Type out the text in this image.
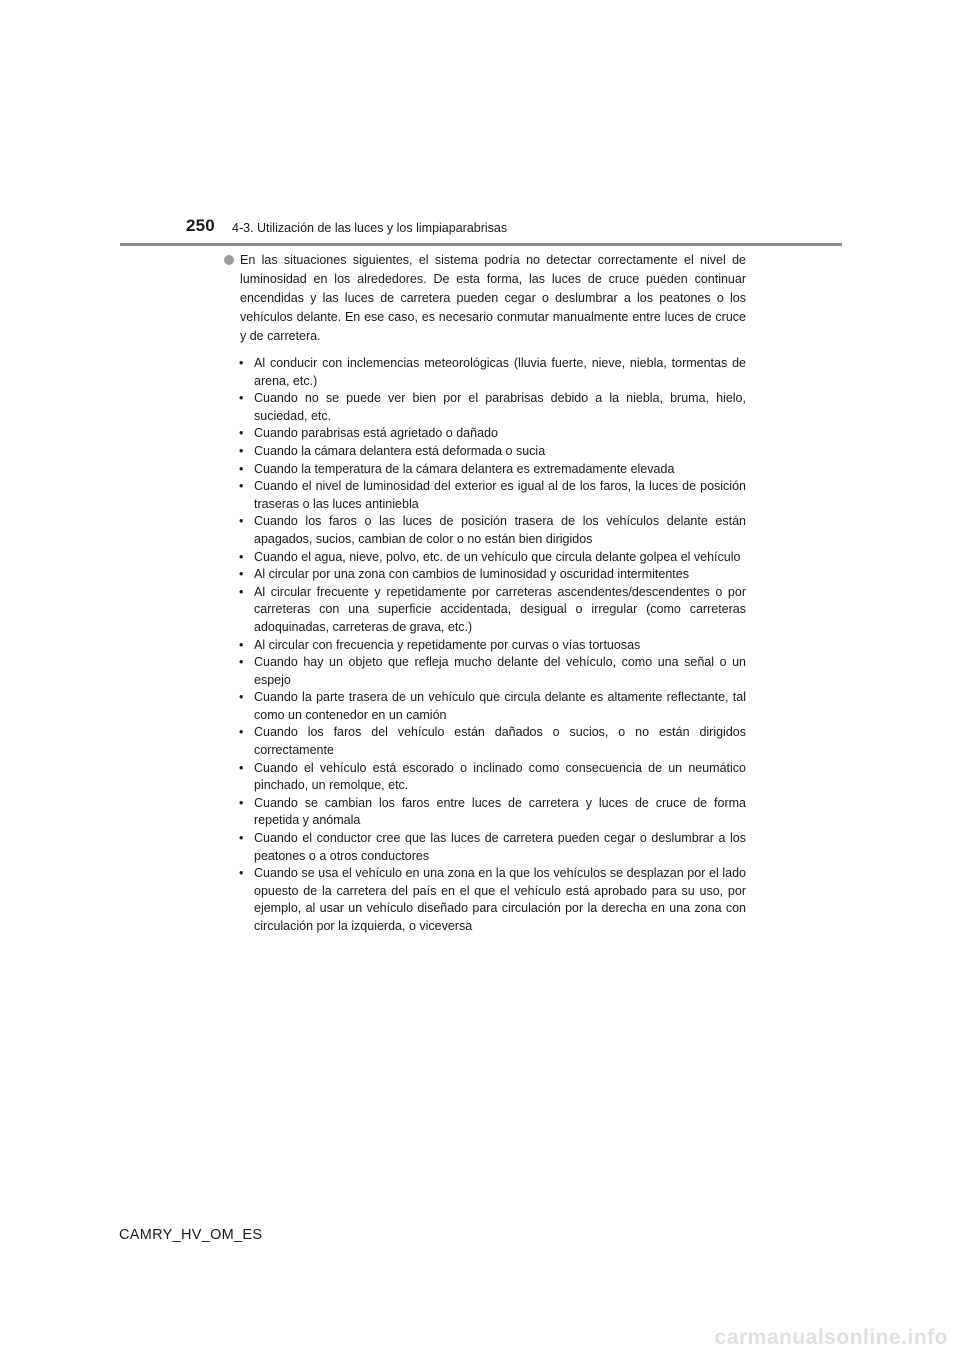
250 4-3. Utilización de las luces y los limpiaparabrisas
En las situaciones siguientes, el sistema podría no detectar correctamente el nivel de luminosidad en los alrededores. De esta forma, las luces de cruce pueden continuar encendidas y las luces de carretera pueden cegar o deslumbrar a los peatones o los vehículos delante. En ese caso, es necesario conmutar manualmente entre luces de cruce y de carretera.
• Al conducir con inclemencias meteorológicas (lluvia fuerte, nieve, niebla, tormentas de arena, etc.)
• Cuando no se puede ver bien por el parabrisas debido a la niebla, bruma, hielo, suciedad, etc.
• Cuando parabrisas está agrietado o dañado
• Cuando la cámara delantera está deformada o sucia
• Cuando la temperatura de la cámara delantera es extremadamente elevada
• Cuando el nivel de luminosidad del exterior es igual al de los faros, la luces de posición traseras o las luces antiniebla
• Cuando los faros o las luces de posición trasera de los vehículos delante están apagados, sucios, cambian de color o no están bien dirigidos
• Cuando el agua, nieve, polvo, etc. de un vehículo que circula delante golpea el vehículo
• Al circular por una zona con cambios de luminosidad y oscuridad intermitentes
• Al circular frecuente y repetidamente por carreteras ascendentes/descendentes o por carreteras con una superficie accidentada, desigual o irregular (como carreteras adoquinadas, carreteras de grava, etc.)
• Al circular con frecuencia y repetidamente por curvas o vías tortuosas
• Cuando hay un objeto que refleja mucho delante del vehículo, como una señal o un espejo
• Cuando la parte trasera de un vehículo que circula delante es altamente reflectante, tal como un contenedor en un camión
• Cuando los faros del vehículo están dañados o sucios, o no están dirigidos correctamente
• Cuando el vehículo está escorado o inclinado como consecuencia de un neumático pinchado, un remolque, etc.
• Cuando se cambian los faros entre luces de carretera y luces de cruce de forma repetida y anómala
• Cuando el conductor cree que las luces de carretera pueden cegar o deslumbrar a los peatones o a otros conductores
• Cuando se usa el vehículo en una zona en la que los vehículos se desplazan por el lado opuesto de la carretera del país en el que el vehículo está aprobado para su uso, por ejemplo, al usar un vehículo diseñado para circulación por la derecha en una zona con circulación por la izquierda, o viceversa
CAMRY_HV_OM_ES
carmanualsonline.info
